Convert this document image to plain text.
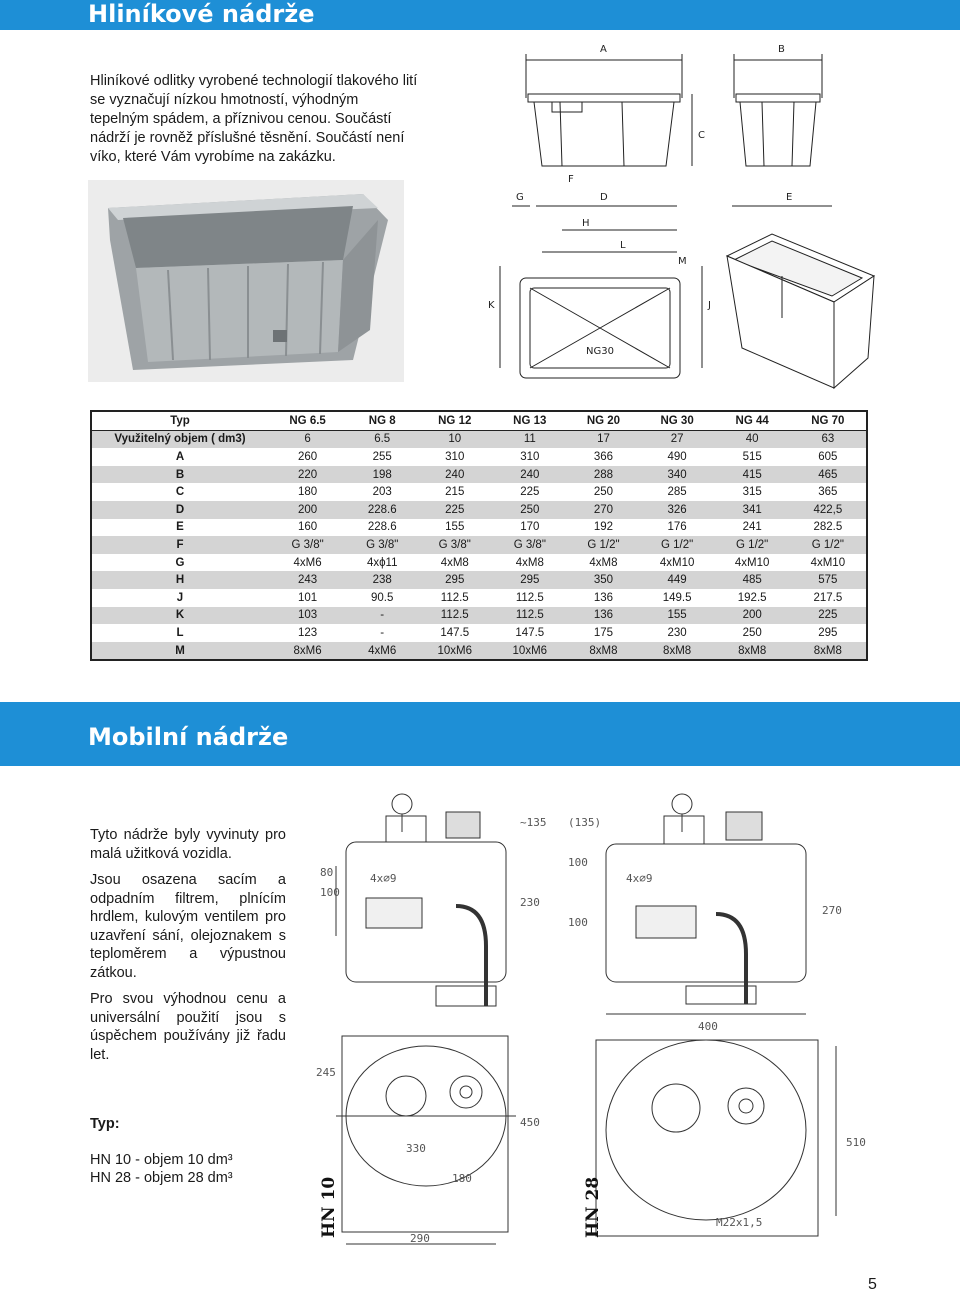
Hliníkové nádrže
Hliníkové odlitky vyrobené technologií tlakového lití se vyznačují nízkou hmotností, výhodným tepelným spádem, a příznivou cenou. Součástí nádrží je rovněž příslušné těsnění. Součástí není víko, které Vám vyrobíme na zakázku.
A	B
C
D	E
F
G
H
L
M
K	J
NG30
Typ	NG 6.5	NG 8	NG 12	NG 13	NG 20	NG 30	NG 44	NG 70
Využitelný objem ( dm3)	6	6.5	10	11	17	27	40	63
A	260	255	310	310	366	490	515	605
B	220	198	240	240	288	340	415	465
C	180	203	215	225	250	285	315	365
D	200	228.6	225	250	270	326	341	422,5
E	160	228.6	155	170	192	176	241	282.5
F	G 3/8"	G 3/8"	G 3/8"	G 3/8"	G 1/2"	G 1/2"	G 1/2"	G 1/2"
G	4xM6	4xϕ11	4xM8	4xM8	4xM8	4xM10	4xM10	4xM10
H	243	238	295	295	350	449	485	575
J	101	90.5	112.5	112.5	136	149.5	192.5	217.5
K	103	-	112.5	112.5	136	155	200	225
L	123	-	147.5	147.5	175	230	250	295
M	8xM6	4xM6	10xM6	10xM6	8xM8	8xM8	8xM8	8xM8
Mobilní nádrže

Tyto nádrže byly vyvinuty pro malá užitková vozidla.

Jsou osazena sacím a odpadním filtrem, plnícím hrdlem, kulovým ventilem pro uzavření sání, olejoznakem s teploměrem a výpustnou zátkou.

Pro svou výhodnou cenu a universální použití jsou s úspěchem používány již řadu let.

Typ:
HN 10 - objem 10 dm³
HN 28 - objem 28 dm³
100
80	4x⌀9
~135
230
245
330
180
450
290
100
100
(135)
4x⌀9
270
400
510
M22x1,5
HN 10	HN 28
5
